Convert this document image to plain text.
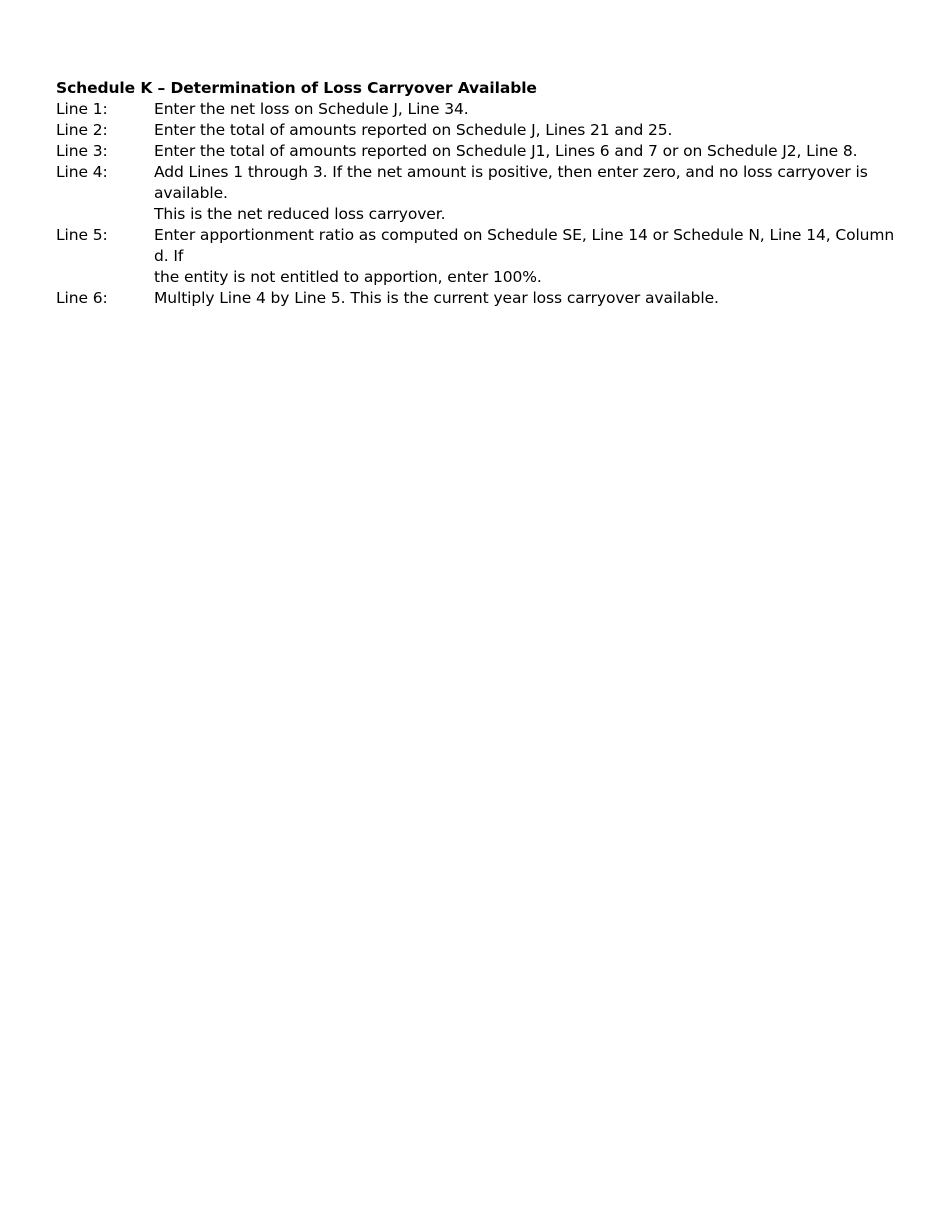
Schedule K – Determination of Loss Carryover Available
Line 1:	Enter the net loss on Schedule J, Line 34.
Line 2:	Enter the total of amounts reported on Schedule J, Lines 21 and 25.
Line 3:	Enter the total of amounts reported on Schedule J1, Lines 6 and 7 or on Schedule J2, Line 8.
Line 4:	Add Lines 1 through 3. If the net amount is positive, then enter zero, and no loss carryover is available.
This is the net reduced loss carryover.
Line 5:	Enter apportionment ratio as computed on Schedule SE, Line 14 or Schedule N, Line 14, Column d. If
the entity is not entitled to apportion, enter 100%.
Line 6:	Multiply Line 4 by Line 5. This is the current year loss carryover available.
